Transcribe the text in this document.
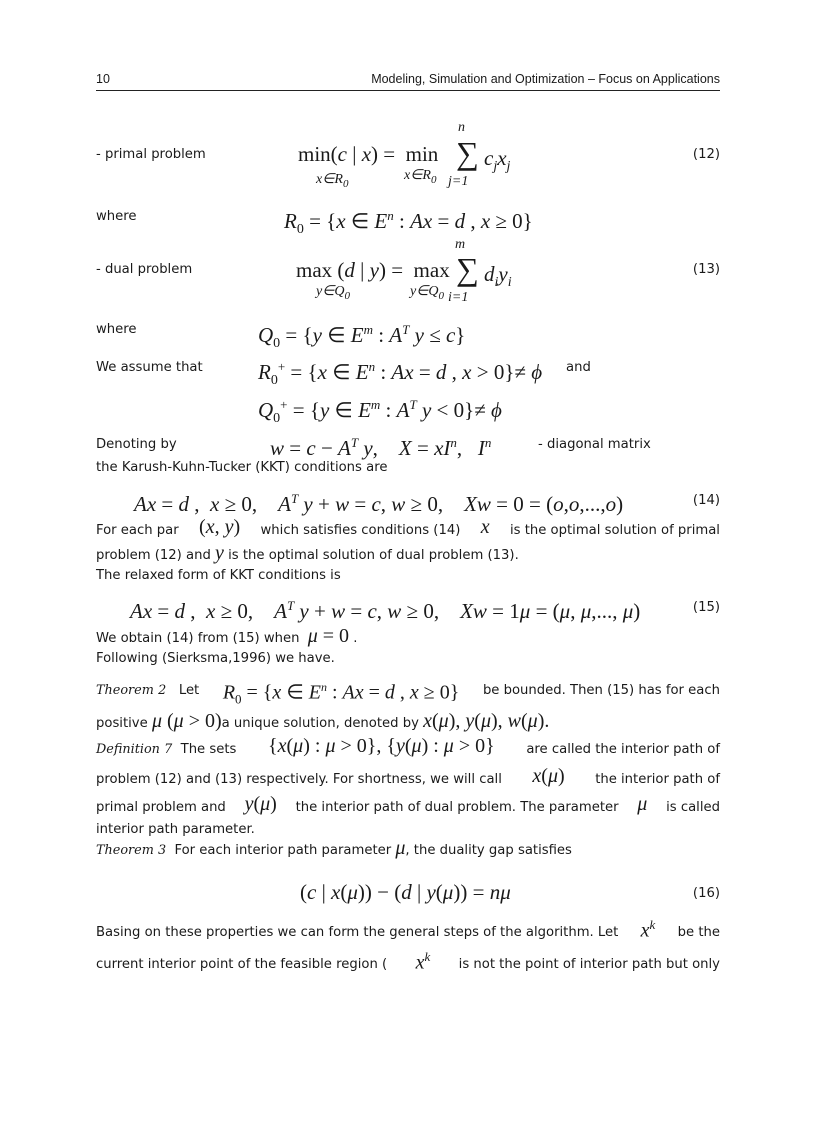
10	Modeling, Simulation and Optimization – Focus on Applications
- primal problem
n
min(c | x) =  min ∑ $c_jx_j$
$x\in R_0$
$x\in R_0$ j=1
(12)
where	$R_0 = \{x$ ∈ $E^n$ : Ax = d , x ≥ 0}
- dual problem
m
max (d | y) =  max ∑ $d_iy_i$
$y\in Q_0$	$y\in Q_0$ i=1
(13)
where	$Q_0 = \{y$ ∈ $E^m$ : $A^T$ y ≤ c}
We assume that	$R_0^+ = \{x$ ∈ $E^n$ : Ax = d , x > 0}≠ ϕ and
$Q_0^+ = \{y$ ∈ $E^m$ : $A^T$ y < 0}≠ ϕ
Denoting by	$w = c - A^T$ y,    $X = xI^n$,   $I^n$	- diagonal matrix
the Karush-Kuhn-Tucker (KKT) conditions are
Ax = d ,  x ≥ 0,    $A^T$ y + w = c, w ≥ 0,    Xw = 0 = (o,o,...,o)	(14)
For each par (x, y) which satisfies conditions (14) x is the optimal solution of primal
problem (12) and y is the optimal solution of dual problem (13).
The relaxed form of KKT conditions is
Ax = d ,  x ≥ 0,    $A^T$ y + w = c, w ≥ 0,    Xw = 1μ = (μ, μ,..., μ)	(15)
We obtain (14) from (15) when μ = 0 .
Following (Sierksma,1996) we have.
Theorem 2 Let $R_0 = \{x$ ∈ $E^n$ : Ax = d , x ≥ 0} be bounded. Then (15) has for each
positive μ (μ > 0)a unique solution, denoted by x(μ), y(μ), w(μ).
Definition 7 The sets {x(μ) : μ > 0}, {y(μ) : μ > 0} are called the interior path of
problem (12) and (13) respectively. For shortness, we will call x(μ) the interior path of
primal problem and y(μ) the interior path of dual problem. The parameter μ is called
interior path parameter.
Theorem 3 For each interior path parameter μ, the duality gap satisfies
(c | x(μ)) − (d | y(μ)) = nμ	(16)
Basing on these properties we can form the general steps of the algorithm. Let $x^k$
be the
current interior point of the feasible region ( $x^k$
is not the point of interior path but only
